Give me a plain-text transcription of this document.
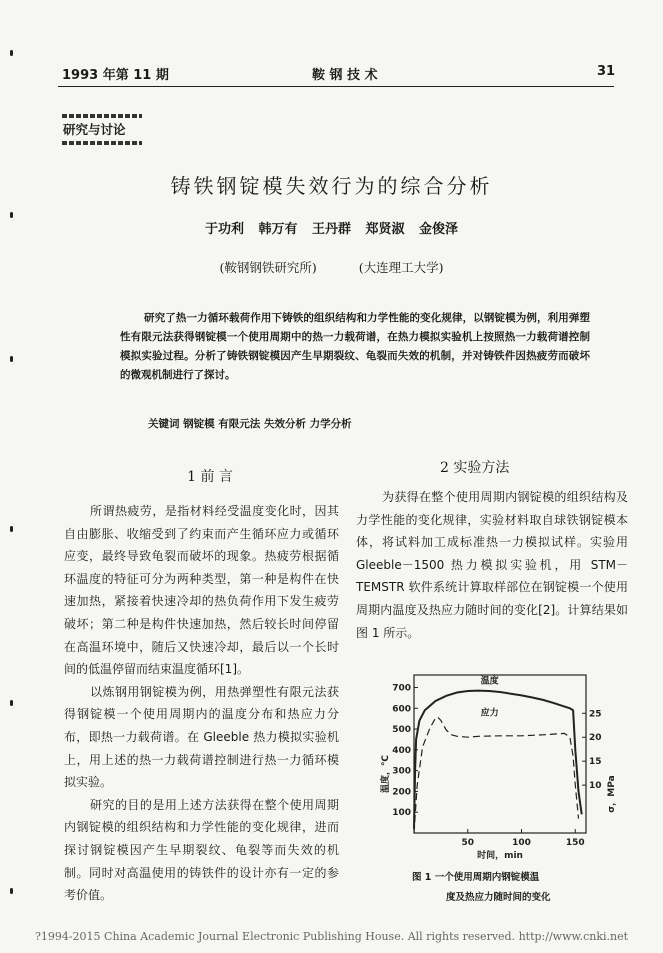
1993 年第 11 期	鞍 钢 技 术	31
研究与讨论
铸铁钢锭模失效行为的综合分析
于功利 韩万有 王丹群 郑贤淑 金俊泽
(鞍钢钢铁研究所)	(大连理工大学)
研究了热一力循环载荷作用下铸铁的组织结构和力学性能的变化规律，以钢锭模为例，利用弹塑性有限元法获得钢锭模一个使用周期中的热一力载荷谱，在热力模拟实验机上按照热一力载荷谱控制模拟实验过程。分析了铸铁钢锭模因产生早期裂纹、龟裂而失效的机制，并对铸铁件因热疲劳而破坏的微观机制进行了探讨。
关键词 钢锭模 有限元法 失效分析 力学分析
1 前 言

所谓热疲劳，是指材料经受温度变化时，因其自由膨胀、收缩受到了约束而产生循环应力或循环应变，最终导致龟裂而破坏的现象。热疲劳根据循环温度的特征可分为两种类型，第一种是构件在快速加热，紧接着快速冷却的热负荷作用下发生疲劳破坏；第二种是构件快速加热，然后较长时间停留在高温环境中，随后又快速冷却，最后以一个长时间的低温停留而结束温度循环[1]。

以炼钢用钢锭模为例，用热弹塑性有限元法获得钢锭模一个使用周期内的温度分布和热应力分布，即热一力载荷谱。在 Gleeble 热力模拟实验机上，用上述的热一力载荷谱控制进行热一力循环模拟实验。

研究的目的是用上述方法获得在整个使用周期内钢锭模的组织结构和力学性能的变化规律，进而探讨钢锭模因产生早期裂纹、龟裂等而失效的机制。同时对高温使用的铸铁件的设计亦有一定的参考价值。

2 实验方法

为获得在整个使用周期内钢锭模的组织结构及力学性能的变化规律，实验材料取自球铁钢锭模本体，将试料加工成标准热一力模拟试样。实验用 Gleeble－1500 热力模拟实验机，用 STM－TEMSTR 软件系统计算取样部位在钢锭模一个使用周期内温度及热应力随时间的变化[2]。计算结果如图 1 所示。

100
200
300
400
500
600
700
10
15
20
25
50	100	150
时间，min
温度，℃
σ，MPa
温度
应力
图 1 一个使用周期内钢锭模温
度及热应力随时间的变化
?1994-2015 China Academic Journal Electronic Publishing House. All rights reserved. http://www.cnki.net
